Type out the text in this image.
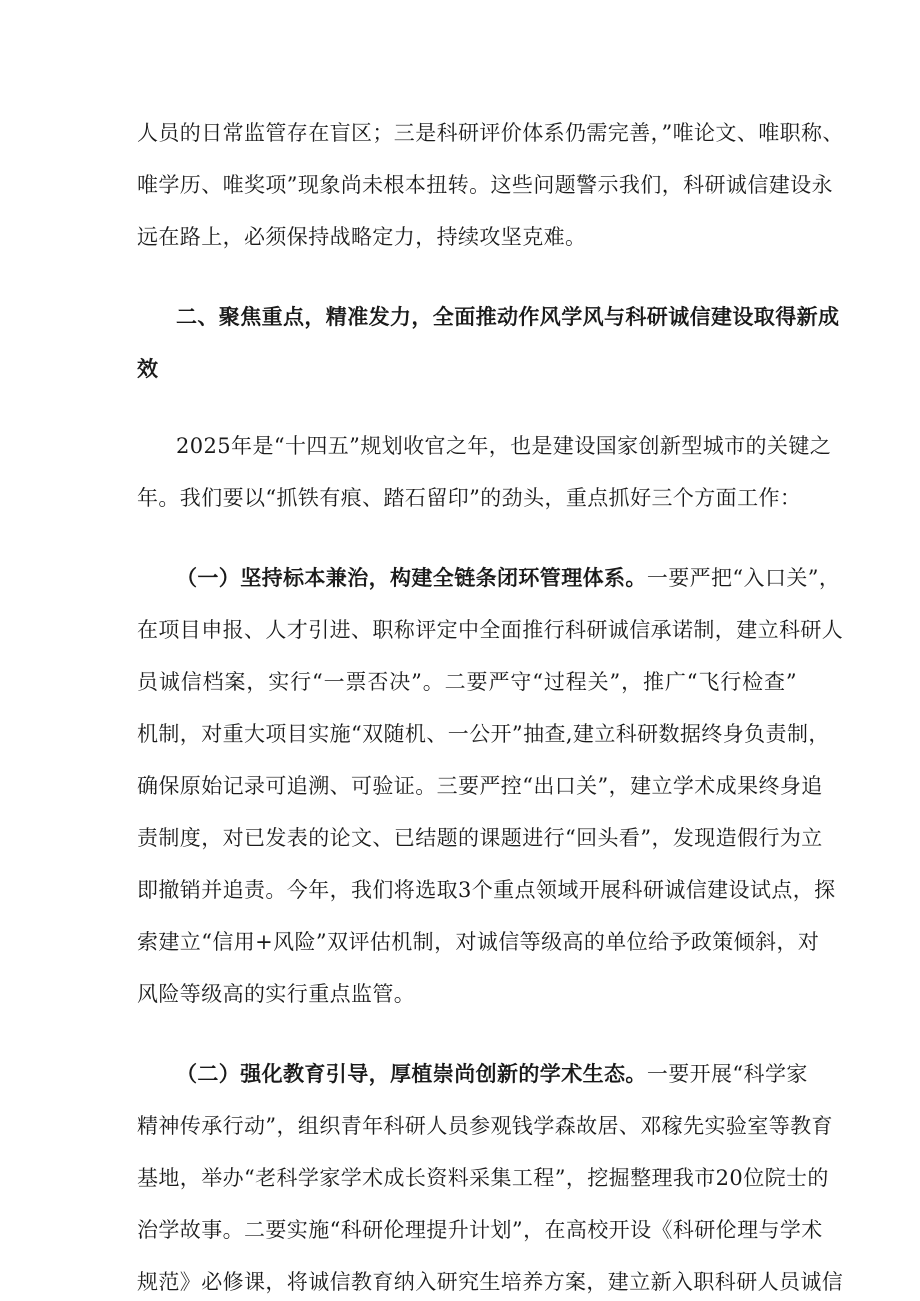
人员的日常监管存在盲区；三是科研评价体系仍需完善，”唯论文、唯职称、
唯学历、唯奖项”现象尚未根本扭转。这些问题警示我们，科研诚信建设永
远在路上，必须保持战略定力，持续攻坚克难。
二、聚焦重点，精准发力，全面推动作风学风与科研诚信建设取得新成
效
2025年是“十四五”规划收官之年，也是建设国家创新型城市的关键之
年。我们要以“抓铁有痕、踏石留印”的劲头，重点抓好三个方面工作：
（一）坚持标本兼治，构建全链条闭环管理体系。 一要严把“入口关”，
在项目申报、人才引进、职称评定中全面推行科研诚信承诺制，建立科研人
员诚信档案，实行“一票否决”。二要严守“过程关”，推广“飞行检查”
机制，对重大项目实施“双随机、一公开”抽查,建立科研数据终身负责制，
确保原始记录可追溯、可验证。三要严控“出口关”，建立学术成果终身追
责制度，对已发表的论文、已结题的课题进行“回头看”，发现造假行为立
即撤销并追责。今年，我们将选取3个重点领域开展科研诚信建设试点，探
索建立“信用+风险”双评估机制，对诚信等级高的单位给予政策倾斜，对
风险等级高的实行重点监管。
（二）强化教育引导，厚植崇尚创新的学术生态。 一要开展“科学家
精神传承行动”，组织青年科研人员参观钱学森故居、邓稼先实验室等教育
基地，举办“老科学家学术成长资料采集工程”，挖掘整理我市20位院士的
治学故事。二要实施“科研伦理提升计划”，在高校开设《科研伦理与学术
规范》必修课，将诚信教育纳入研究生培养方案，建立新入职科研人员诚信
